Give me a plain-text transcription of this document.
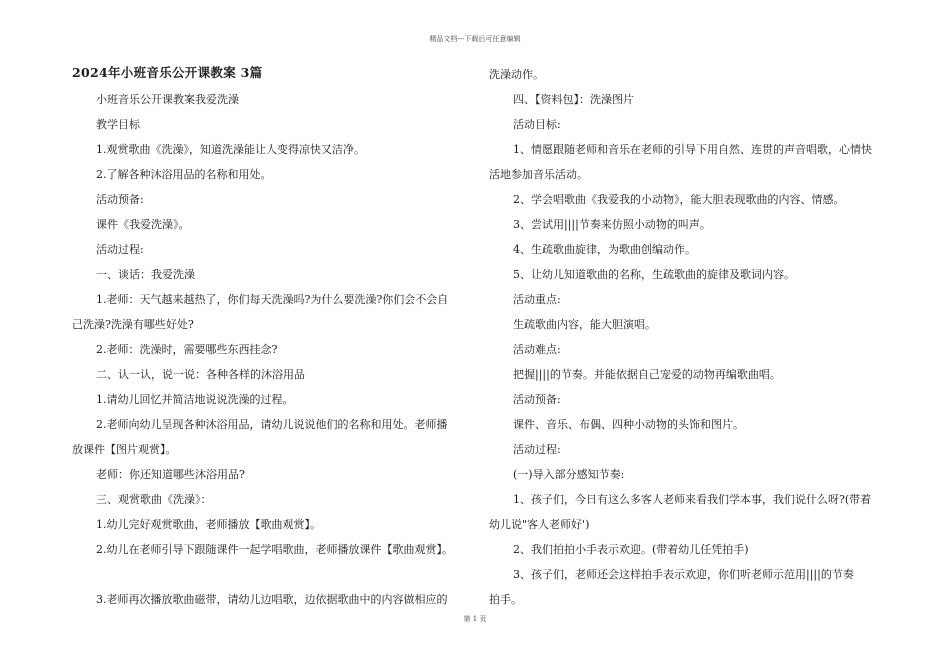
精品文档---下载后可任意编辑
2024年小班音乐公开课教案 3篇
小班音乐公开课教案我爱洗澡
教学目标
1.观赏歌曲《洗澡》，知道洗澡能让人变得凉快又洁净。
2.了解各种沐浴用品的名称和用处。
活动预备:
课件《我爱洗澡》。
活动过程:
一、谈话：我爱洗澡
1.老师：天气越来越热了，你们每天洗澡吗?为什么要洗澡?你们会不会自
己洗澡?洗澡有哪些好处?
2.老师：洗澡时，需要哪些东西挂念?
二、认一认，说一说：各种各样的沐浴用品
1.请幼儿回忆并简洁地说说洗澡的过程。
2.老师向幼儿呈现各种沐浴用品，请幼儿说说他们的名称和用处。老师播
放课件【图片观赏】。
老师：你还知道哪些沐浴用品?
三、观赏歌曲《洗澡》：
1.幼儿完好观赏歌曲，老师播放【歌曲观赏】。
2.幼儿在老师引导下跟随课件一起学唱歌曲，老师播放课件【歌曲观赏】。
3.老师再次播放歌曲磁带，请幼儿边唱歌，边依据歌曲中的内容做相应的
洗澡动作。
四、【资料包】：洗澡图片
活动目标:
1、情愿跟随老师和音乐在老师的引导下用自然、连贯的声音唱歌，心情快
活地参加音乐活动。
2、学会唱歌曲《我爱我的小动物》，能大胆表现歌曲的内容、情感。
3、尝试用||||节奏来仿照小动物的叫声。
4、生疏歌曲旋律，为歌曲创编动作。
5、让幼儿知道歌曲的名称，生疏歌曲的旋律及歌词内容。
活动重点:
生疏歌曲内容，能大胆演唱。
活动难点:
把握||||的节奏。并能依据自己宠爱的动物再编歌曲唱。
活动预备:
课件、音乐、布偶、四种小动物的头饰和图片。
活动过程:
(一)导入部分感知节奏:
1、孩子们，今日有这么多客人老师来看我们学本事，我们说什么呀?(带着
幼儿说"客人老师好')
2、我们拍拍小手表示欢迎。(带着幼儿任凭拍手)
3、孩子们，老师还会这样拍手表示欢迎，你们听老师示范用||||的节奏
拍手。
第 1 页
